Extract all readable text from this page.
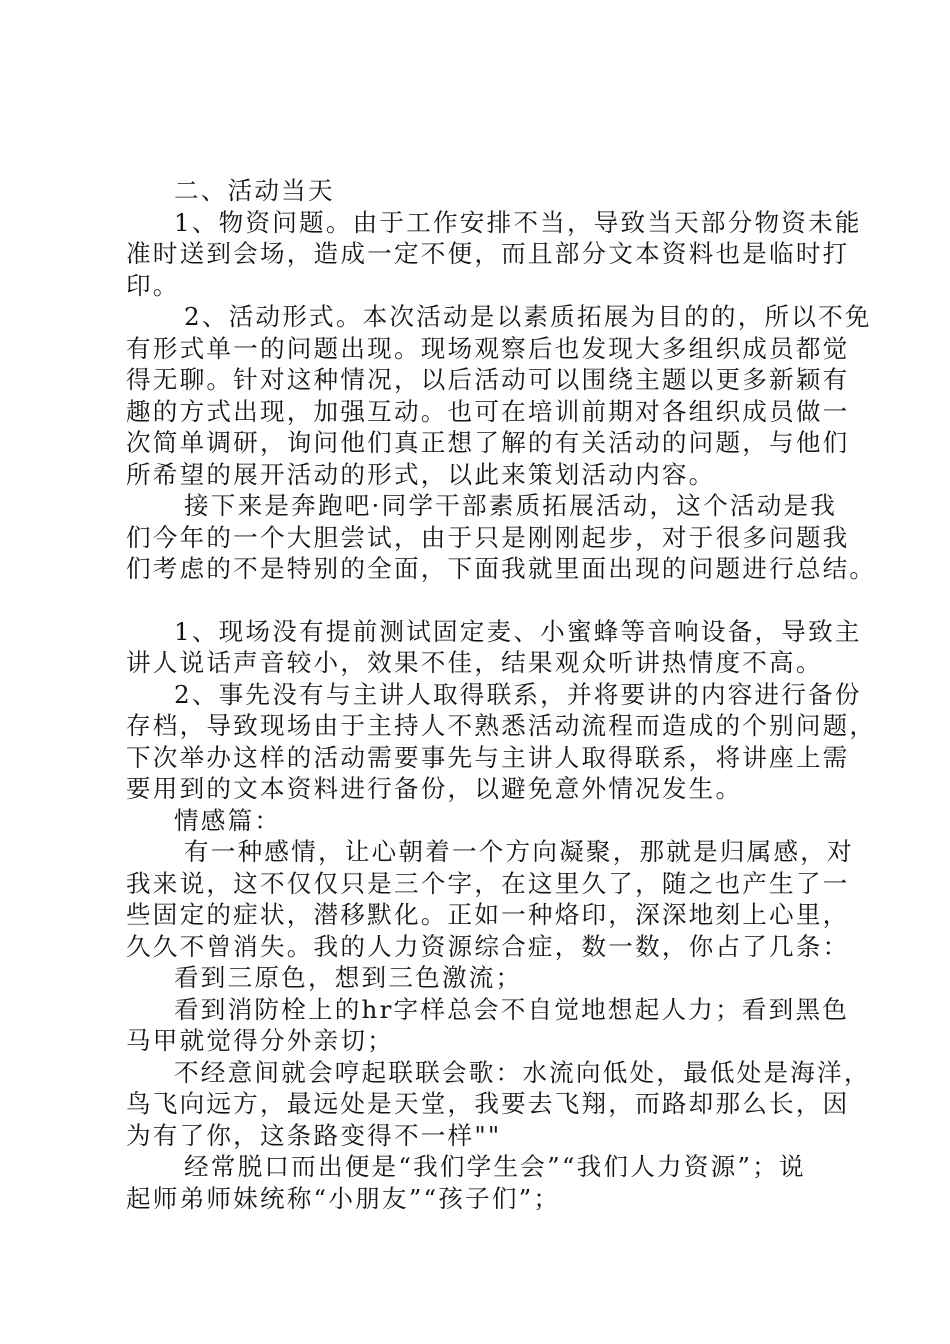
二、活动当天
1、物资问题。由于工作安排不当，导致当天部分物资未能
准时送到会场，造成一定不便，而且部分文本资料也是临时打
印。
2、活动形式。本次活动是以素质拓展为目的的，所以不免
有形式单一的问题出现。现场观察后也发现大多组织成员都觉
得无聊。针对这种情况，以后活动可以围绕主题以更多新颖有
趣的方式出现，加强互动。也可在培训前期对各组织成员做一
次简单调研，询问他们真正想了解的有关活动的问题，与他们
所希望的展开活动的形式，以此来策划活动内容。
接下来是奔跑吧·同学干部素质拓展活动，这个活动是我
们今年的一个大胆尝试，由于只是刚刚起步，对于很多问题我
们考虑的不是特别的全面，下面我就里面出现的问题进行总结。
1、现场没有提前测试固定麦、小蜜蜂等音响设备，导致主
讲人说话声音较小，效果不佳，结果观众听讲热情度不高。
2、事先没有与主讲人取得联系，并将要讲的内容进行备份
存档，导致现场由于主持人不熟悉活动流程而造成的个别问题，
下次举办这样的活动需要事先与主讲人取得联系，将讲座上需
要用到的文本资料进行备份，以避免意外情况发生。
情感篇：
有一种感情，让心朝着一个方向凝聚，那就是归属感，对
我来说，这不仅仅只是三个字，在这里久了，随之也产生了一
些固定的症状，潜移默化。正如一种烙印，深深地刻上心里，
久久不曾消失。我的人力资源综合症，数一数，你占了几条：
看到三原色，想到三色激流；
看到消防栓上的hr字样总会不自觉地想起人力；看到黑色
马甲就觉得分外亲切；
不经意间就会哼起联联会歌：水流向低处，最低处是海洋，
鸟飞向远方，最远处是天堂，我要去飞翔，而路却那么长，因
为有了你，这条路变得不一样""
经常脱口而出便是“我们学生会”“我们人力资源”；说
起师弟师妹统称“小朋友”“孩子们”；
